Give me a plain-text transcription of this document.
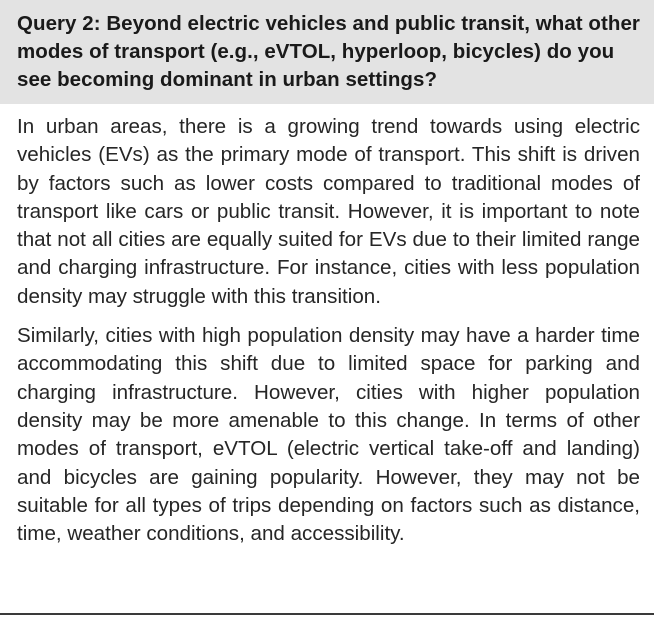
Query 2: Beyond electric vehicles and public transit, what other modes of transport (e.g., eVTOL, hyperloop, bicycles) do you see becoming dominant in urban settings?

In urban areas, there is a growing trend towards using electric vehicles (EVs) as the primary mode of transport. This shift is driven by factors such as lower costs compared to traditional modes of transport like cars or public transit. However, it is important to note that not all cities are equally suited for EVs due to their limited range and charging infrastructure. For instance, cities with less population density may struggle with this transition.

Similarly, cities with high population density may have a harder time accommodating this shift due to limited space for parking and charging infrastructure. However, cities with higher population density may be more amenable to this change. In terms of other modes of transport, eVTOL (electric vertical take-off and landing) and bicycles are gaining popularity. However, they may not be suitable for all types of trips depending on factors such as distance, time, weather conditions, and accessibility.
